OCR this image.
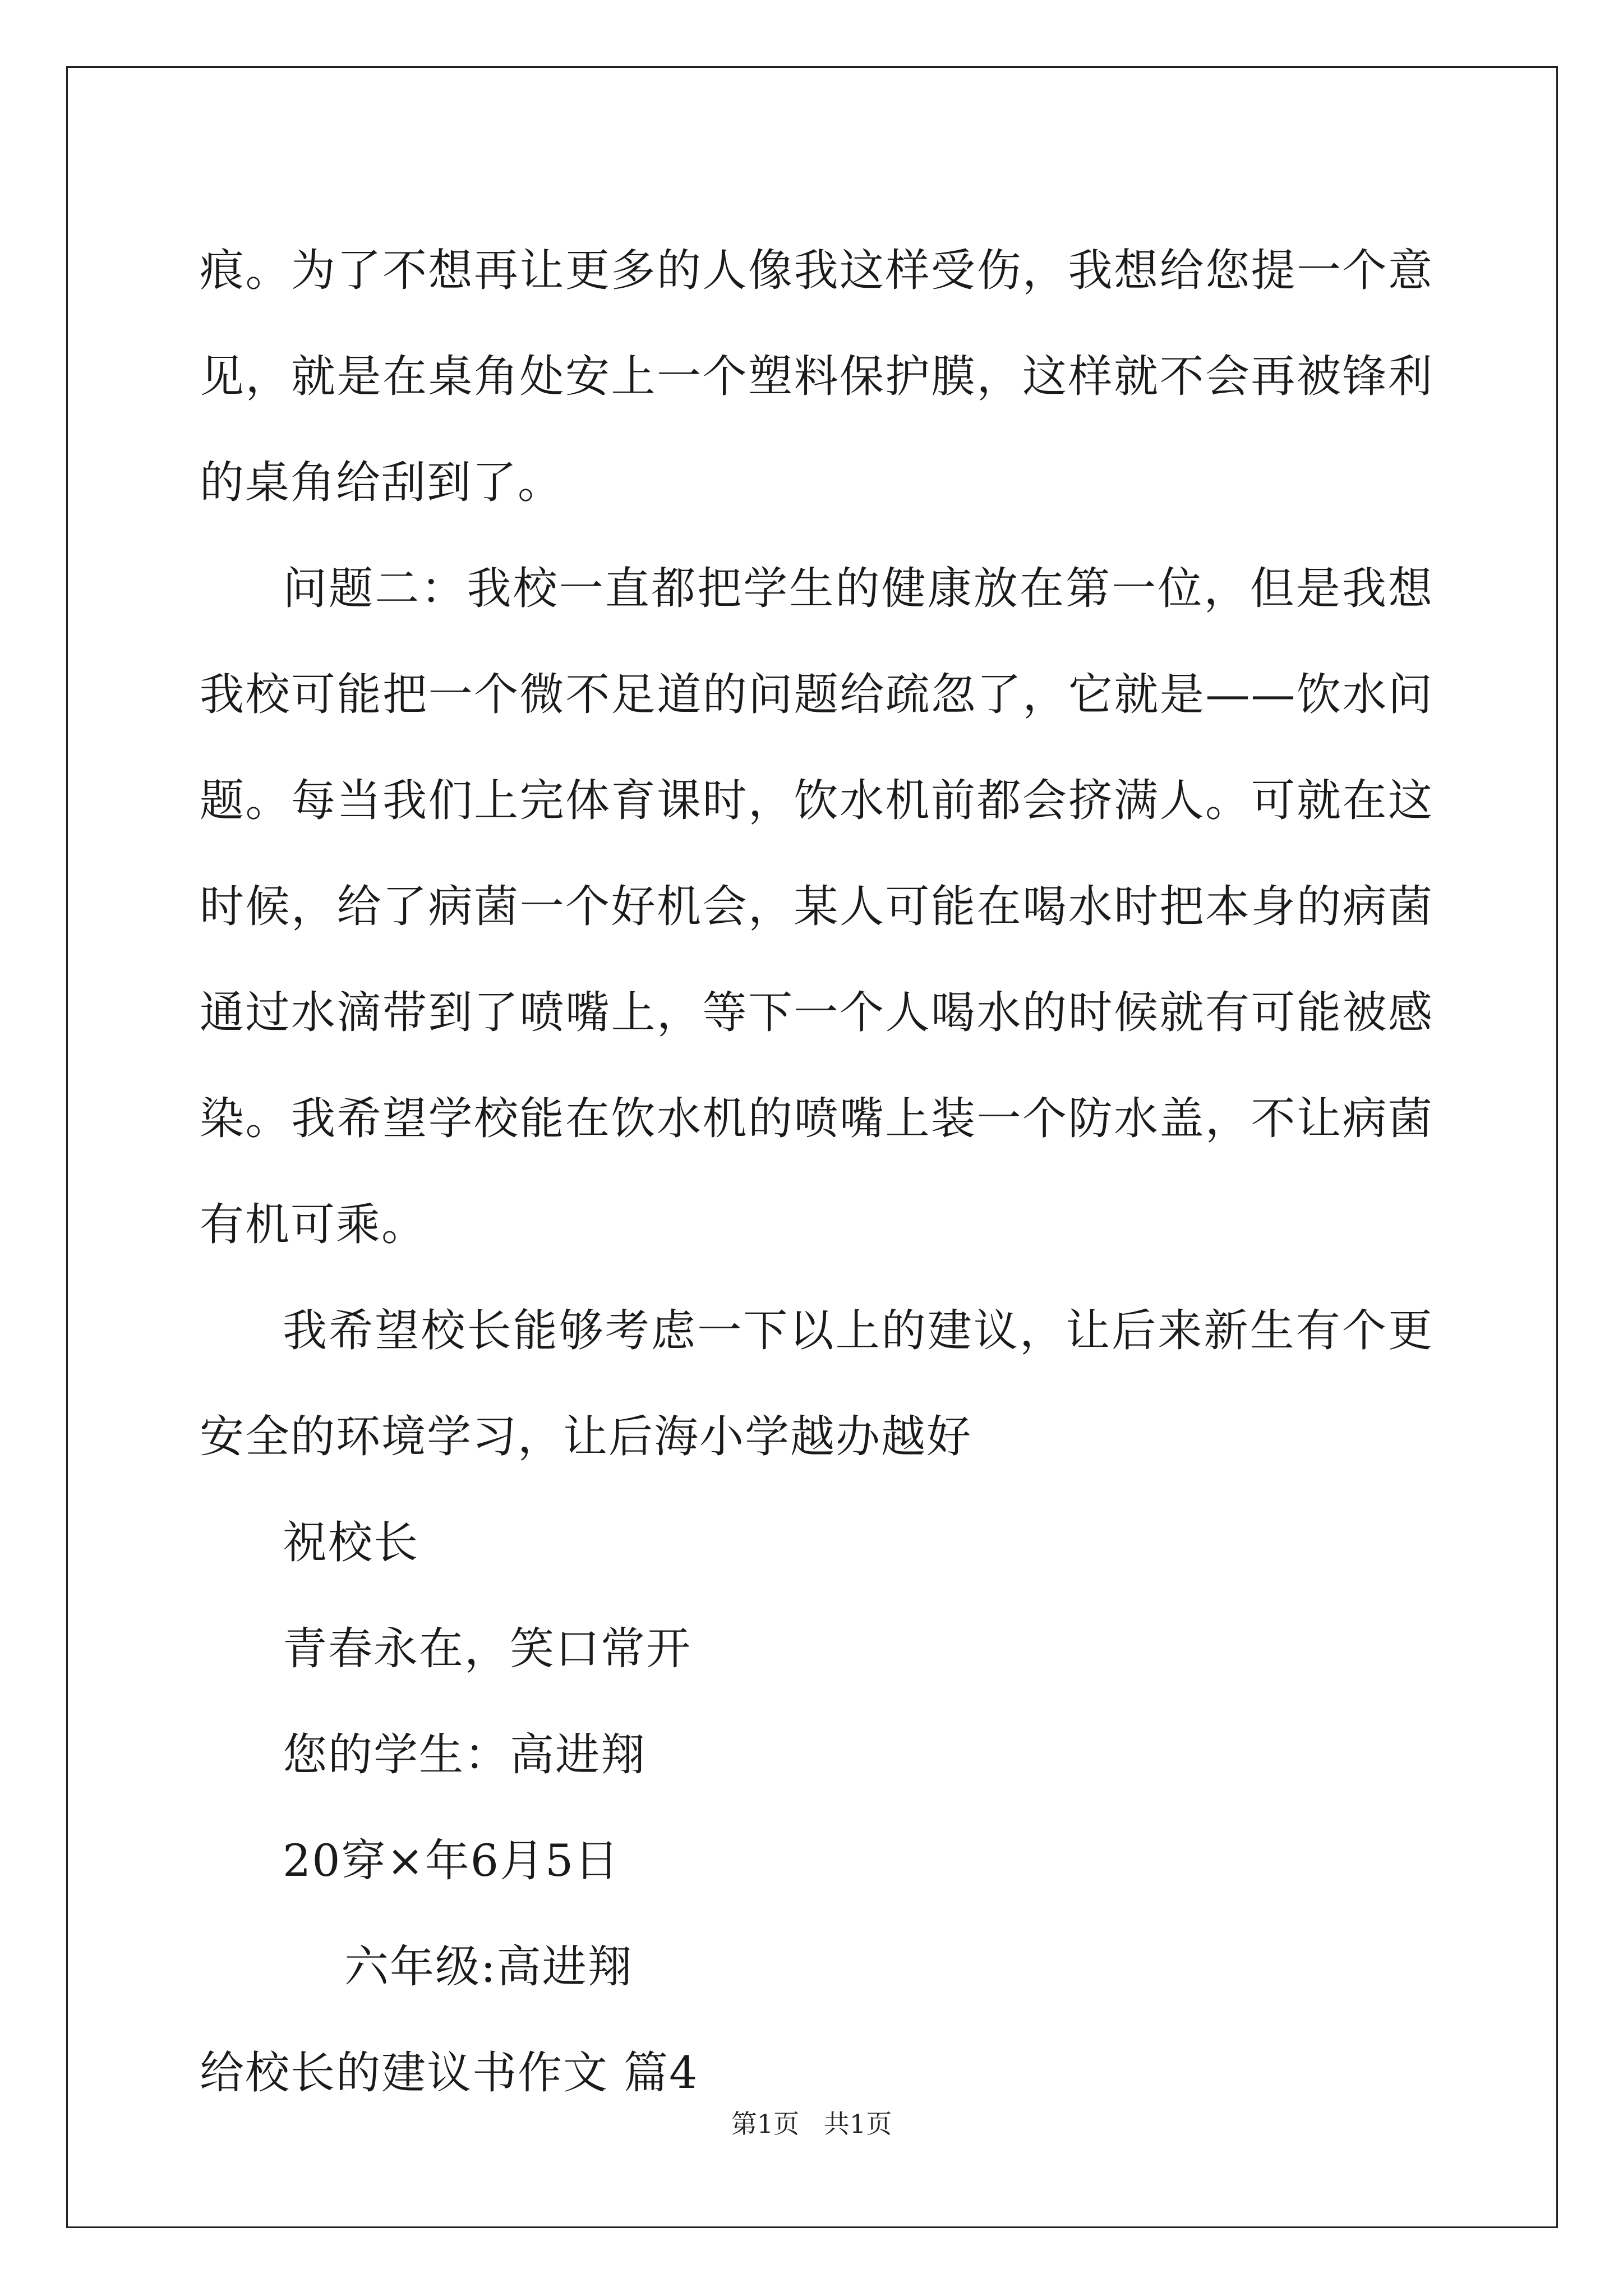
痕。为了不想再让更多的人像我这样受伤，我想给您提一个意见，就是在桌角处安上一个塑料保护膜，这样就不会再被锋利的桌角给刮到了。

问题二：我校一直都把学生的健康放在第一位，但是我想我校可能把一个微不足道的问题给疏忽了，它就是——饮水问题。每当我们上完体育课时，饮水机前都会挤满人。可就在这时候，给了病菌一个好机会，某人可能在喝水时把本身的病菌通过水滴带到了喷嘴上，等下一个人喝水的时候就有可能被感染。我希望学校能在饮水机的喷嘴上装一个防水盖，不让病菌有机可乘。

我希望校长能够考虑一下以上的建议，让后来新生有个更安全的环境学习，让后海小学越办越好

祝校长

青春永在，笑口常开

您的学生：高进翔

20穿×年6月5日

六年级:高进翔

给校长的建议书作文 篇4

第1页   共1页
